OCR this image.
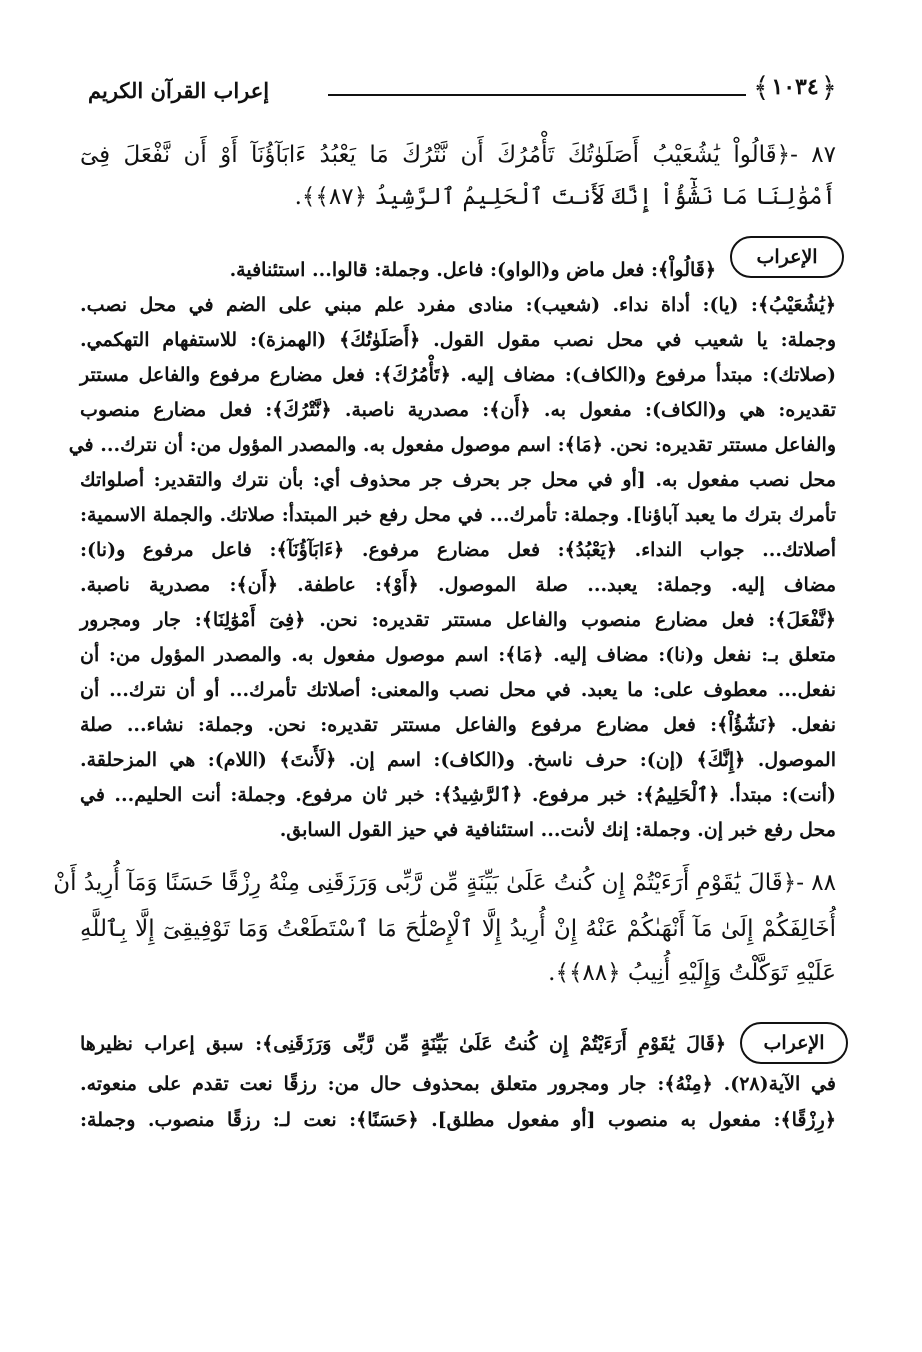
﴾ ١٠٣٤ ﴿
إعراب القرآن الكريم
٨٧ -﴿قَالُواْ يَٰشُعَيْبُ أَصَلَوٰتُكَ تَأْمُرُكَ أَن نَّتْرُكَ مَا يَعْبُدُ ءَابَآؤُنَآ أَوْ أَن نَّفْعَلَ فِىٓ
أَمْوَٰلِنَا مَا نَشَٰٓؤُاْ إِنَّكَ لَأَنتَ ٱلْحَلِيمُ ٱلرَّشِيدُ ﴿٨٧﴾﴾.
الإعراب
﴿قَالُواْ﴾: فعل ماض و(الواو): فاعل. وجملة: قالوا... استئنافية.
﴿يَٰشُعَيْبُ﴾: (يا): أداة نداء. (شعيب): منادى مفرد علم مبني على الضم في محل نصب.
وجملة: يا شعيب في محل نصب مقول القول. ﴿أَصَلَوٰتُكَ﴾ (الهمزة): للاستفهام التهكمي.
(صلاتك): مبتدأ مرفوع و(الكاف): مضاف إليه. ﴿تَأْمُرُكَ﴾: فعل مضارع مرفوع والفاعل مستتر
تقديره: هي و(الكاف): مفعول به. ﴿أَن﴾: مصدرية ناصبة. ﴿نَّتْرُكَ﴾: فعل مضارع منصوب
والفاعل مستتر تقديره: نحن. ﴿مَا﴾: اسم موصول مفعول به. والمصدر المؤول من: أن نترك... في
محل نصب مفعول به. [أو في محل جر بحرف جر محذوف أي: بأن نترك والتقدير: أصلواتك
تأمرك بترك ما يعبد آباؤنا]. وجملة: تأمرك... في محل رفع خبر المبتدأ: صلاتك. والجملة الاسمية:
أصلاتك... جواب النداء. ﴿يَعْبُدُ﴾: فعل مضارع مرفوع. ﴿ءَابَآؤُنَآ﴾: فاعل مرفوع و(نا):
مضاف إليه. وجملة: يعبد... صلة الموصول. ﴿أَوْ﴾: عاطفة. ﴿أَن﴾: مصدرية ناصبة.
﴿نَّفْعَلَ﴾: فعل مضارع منصوب والفاعل مستتر تقديره: نحن. ﴿فِىٓ أَمْوَٰلِنَا﴾: جار ومجرور
متعلق بـ: نفعل و(نا): مضاف إليه. ﴿مَا﴾: اسم موصول مفعول به. والمصدر المؤول من: أن
نفعل... معطوف على: ما يعبد. في محل نصب والمعنى: أصلاتك تأمرك... أو أن نترك... أن
نفعل. ﴿نَشَٰٓؤُاْ﴾: فعل مضارع مرفوع والفاعل مستتر تقديره: نحن. وجملة: نشاء... صلة
الموصول. ﴿إِنَّكَ﴾ (إن): حرف ناسخ. و(الكاف): اسم إن. ﴿لَأَنتَ﴾ (اللام): هي المزحلقة.
(أنت): مبتدأ. ﴿ٱلْحَلِيمُ﴾: خبر مرفوع. ﴿ٱلرَّشِيدُ﴾: خبر ثان مرفوع. وجملة: أنت الحليم... في
محل رفع خبر إن. وجملة: إنك لأنت... استئنافية في حيز القول السابق.
٨٨ -﴿قَالَ يَٰقَوْمِ أَرَءَيْتُمْ إِن كُنتُ عَلَىٰ بَيِّنَةٍ مِّن رَّبِّى وَرَزَقَنِى مِنْهُ رِزْقًا حَسَنًا وَمَآ أُرِيدُ أَنْ
أُخَالِفَكُمْ إِلَىٰ مَآ أَنْهَىٰكُمْ عَنْهُ إِنْ أُرِيدُ إِلَّا ٱلْإِصْلَٰحَ مَا ٱسْتَطَعْتُ وَمَا تَوْفِيقِىٓ إِلَّا بِٱللَّهِ
عَلَيْهِ تَوَكَّلْتُ وَإِلَيْهِ أُنِيبُ ﴿٨٨﴾﴾.
الإعراب
﴿قَالَ يَٰقَوْمِ أَرَءَيْتُمْ إِن كُنتُ عَلَىٰ بَيِّنَةٍ مِّن رَّبِّى وَرَزَقَنِى﴾: سبق إعراب نظيرها
في الآية(٢٨). ﴿مِنْهُ﴾: جار ومجرور متعلق بمحذوف حال من: رزقًا نعت تقدم على منعوته.
﴿رِزْقًا﴾: مفعول به منصوب [أو مفعول مطلق]. ﴿حَسَنًا﴾: نعت لـ: رزقًا منصوب. وجملة:
